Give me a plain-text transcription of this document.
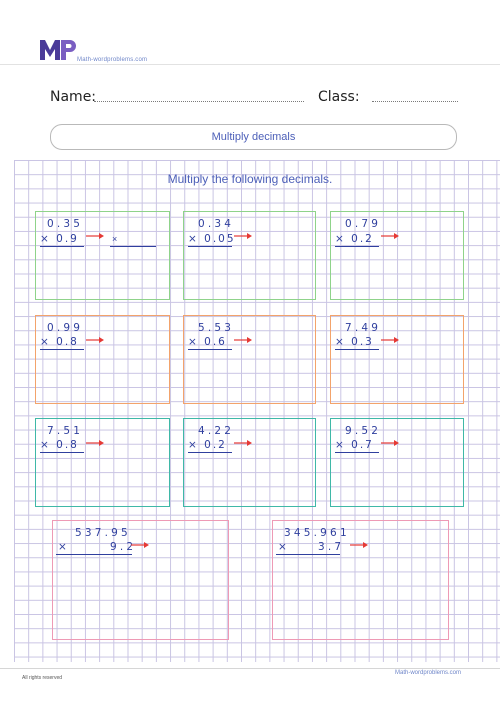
Math-wordproblems.com
Name:	Class:
Multiply decimals
Multiply the following decimals.
0.35
× 0.9	×
0.34
× 0.05
0.79
× 0.2
0.99
× 0.8
5.53
× 0.6
7.49
× 0.3
7.51
× 0.8
4.22
× 0.2
9.52
× 0.7
537.95
×	9.2
345.961
×	3.7
All rights reserved
Math-wordproblems.com
